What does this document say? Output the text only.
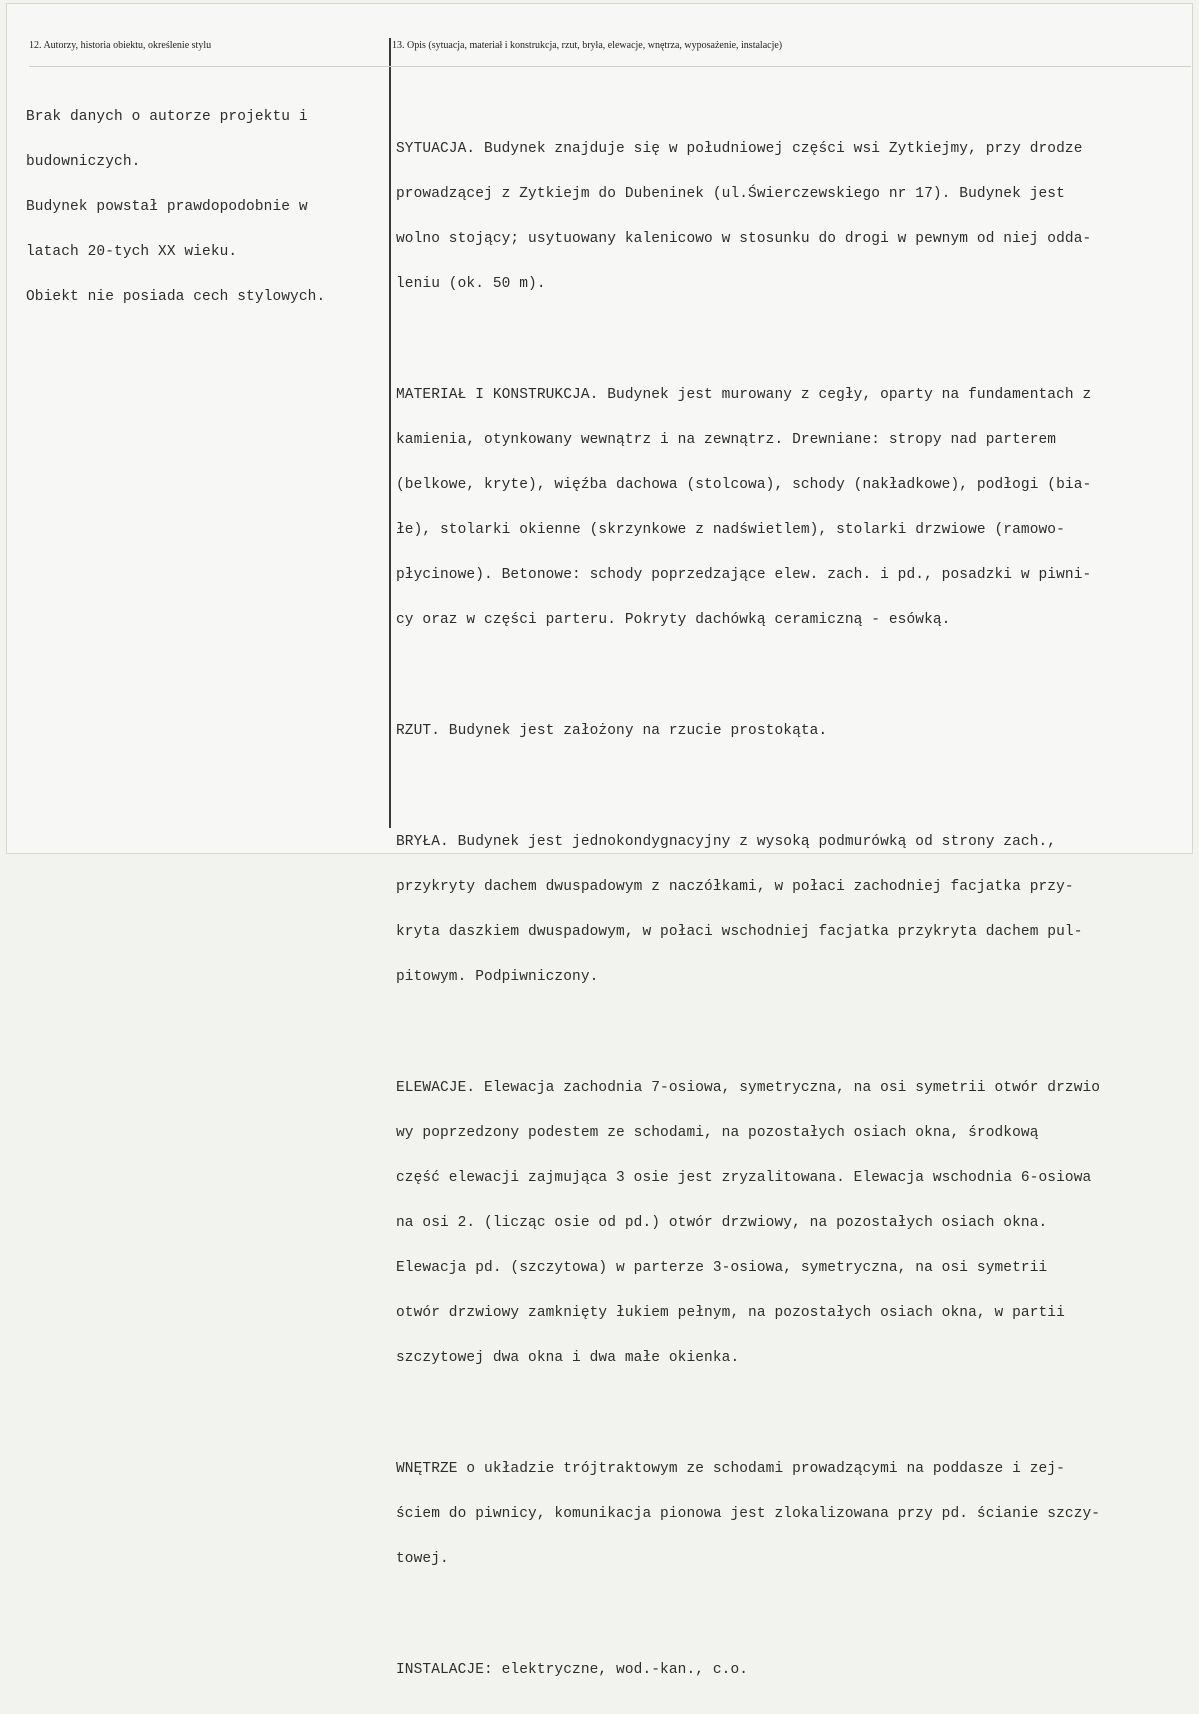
12. Autorzy, historia obiektu, określenie stylu	13. Opis (sytuacja, materiał i konstrukcja, rzut, bryła, elewacje, wnętrza, wyposażenie, instalacje)

Brak danych o autorze projektu i

budowniczych.

Budynek powstał prawdopodobnie w

latach 20-tych XX wieku.

Obiekt nie posiada cech stylowych.

SYTUACJA. Budynek znajduje się w południowej części wsi Zytkiejmy, przy drodze

prowadzącej z Zytkiejm do Dubeninek (ul.Świerczewskiego nr 17). Budynek jest

wolno stojący; usytuowany kalenicowo w stosunku do drogi w pewnym od niej odda-

leniu (ok. 50 m).

MATERIAŁ I KONSTRUKCJA. Budynek jest murowany z cegły, oparty na fundamentach z

kamienia, otynkowany wewnątrz i na zewnątrz. Drewniane: stropy nad parterem

(belkowe, kryte), więźba dachowa (stolcowa), schody (nakładkowe), podłogi (bia-

łe), stolarki okienne (skrzynkowe z nadświetlem), stolarki drzwiowe (ramowo-

płycinowe). Betonowe: schody poprzedzające elew. zach. i pd., posadzki w piwni-

cy oraz w części parteru. Pokryty dachówką ceramiczną - esówką.

RZUT. Budynek jest założony na rzucie prostokąta.

BRYŁA. Budynek jest jednokondygnacyjny z wysoką podmurówką od strony zach.,

przykryty dachem dwuspadowym z naczółkami, w połaci zachodniej facjatka przy-

kryta daszkiem dwuspadowym, w połaci wschodniej facjatka przykryta dachem pul-

pitowym. Podpiwniczony.

ELEWACJE. Elewacja zachodnia 7-osiowa, symetryczna, na osi symetrii otwór drzwio

wy poprzedzony podestem ze schodami, na pozostałych osiach okna, środkową

część elewacji zajmująca 3 osie jest zryzalitowana. Elewacja wschodnia 6-osiowa

na osi 2. (licząc osie od pd.) otwór drzwiowy, na pozostałych osiach okna.

Elewacja pd. (szczytowa) w parterze 3-osiowa, symetryczna, na osi symetrii

otwór drzwiowy zamknięty łukiem pełnym, na pozostałych osiach okna, w partii

szczytowej dwa okna i dwa małe okienka.

WNĘTRZE o układzie trójtraktowym ze schodami prowadzącymi na poddasze i zej-

ściem do piwnicy, komunikacja pionowa jest zlokalizowana przy pd. ścianie szczy-

towej.

INSTALACJE: elektryczne, wod.-kan., c.o.
